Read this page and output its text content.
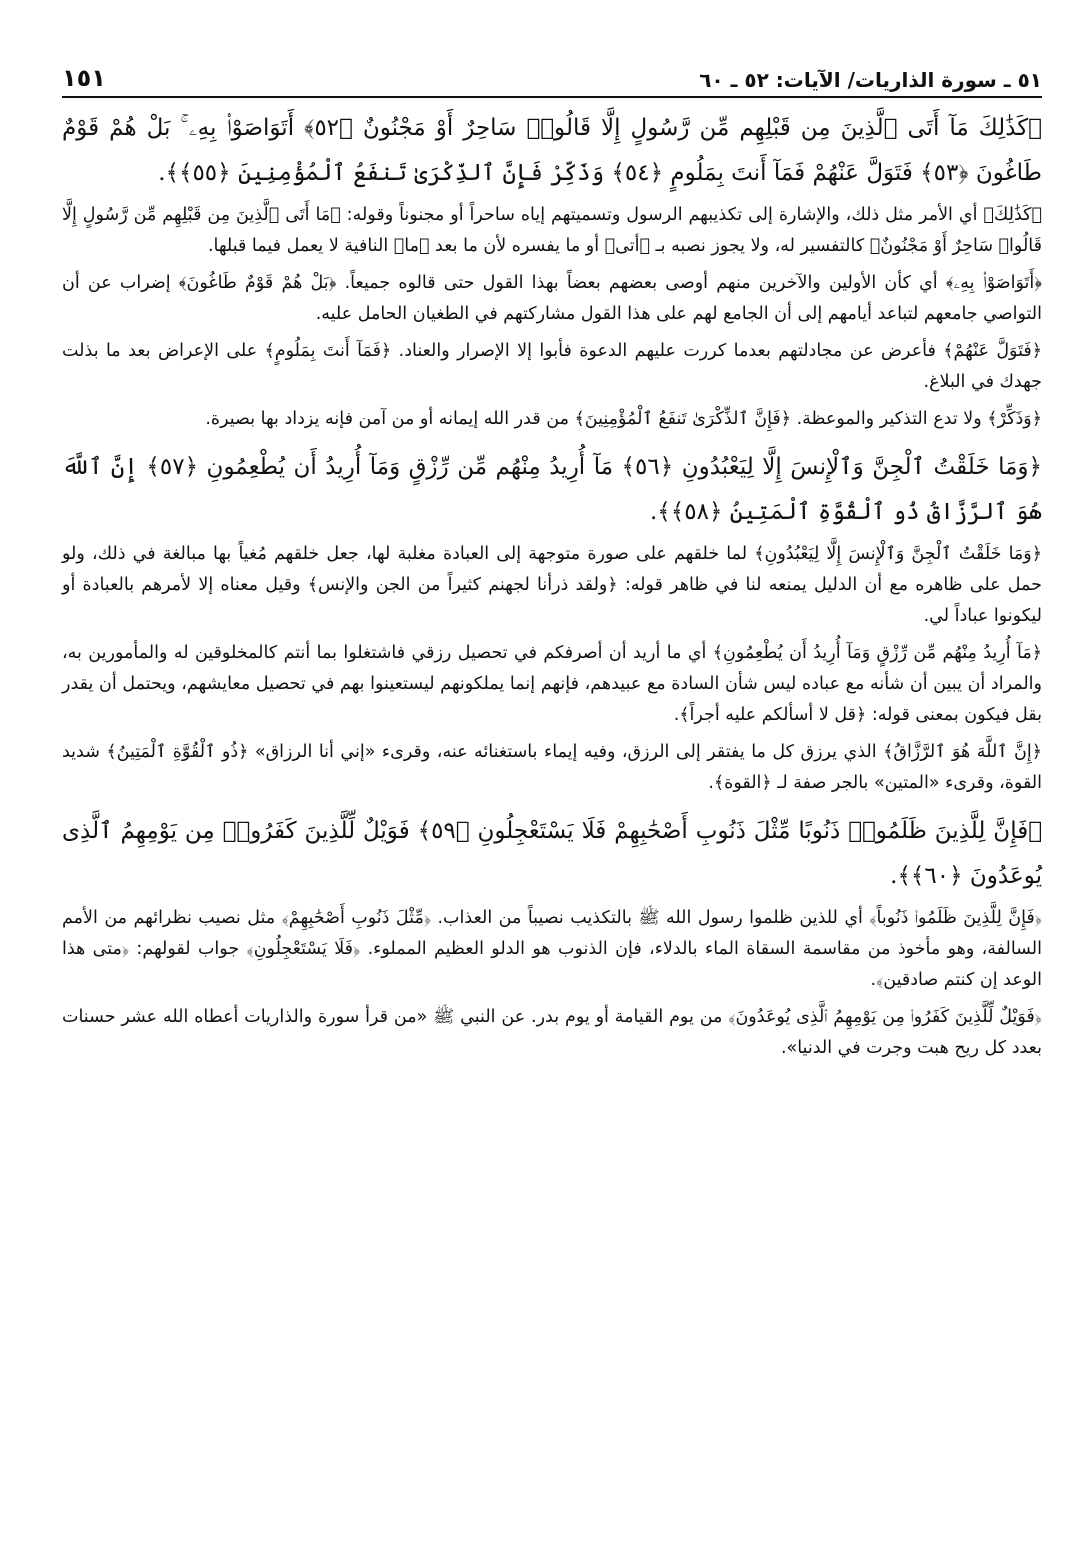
٥١ ـ سورة الذاريات/ الآيات: ٥٢ ـ ٦٠
١٥١
﴿كَذَٰلِكَ مَآ أَتَى ٱلَّذِينَ مِن قَبْلِهِم مِّن رَّسُولٍ إِلَّا قَالُوا۟ سَاحِرٌ أَوْ مَجْنُونٌ ﴿٥٢﴾ أَتَوَاصَوْا۟ بِهِۦ ۚ بَلْ هُمْ قَوْمٌ طَاغُونَ ﴿٥٣﴾ فَتَوَلَّ عَنْهُمْ فَمَآ أَنتَ بِمَلُومٍ ﴿٥٤﴾ وَذَكِّرْ فَإِنَّ ٱلذِّكْرَىٰ تَنفَعُ ٱلْمُؤْمِنِينَ ﴿٥٥﴾﴾.

﴿كَذَٰلِكَ﴾ أي الأمر مثل ذلك، والإشارة إلى تكذيبهم الرسول وتسميتهم إياه ساحراً أو مجنوناً وقوله: ﴿مَا أَتَى ٱلَّذِينَ مِن قَبْلِهِم مِّن رَّسُولٍ إِلَّا قَالُوا۟ سَاحِرٌ أَوْ مَجْنُونٌ﴾ كالتفسير له، ولا يجوز نصبه بـ ﴿أتى﴾ أو ما يفسره لأن ما بعد ﴿ما﴾ النافية لا يعمل فيما قبلها.

﴿أَتَوَاصَوْا۟ بِهِۦ﴾ أي كأن الأولين والآخرين منهم أوصى بعضهم بعضاً بهذا القول حتى قالوه جميعاً. ﴿بَلْ هُمْ قَوْمٌ طَاغُونَ﴾ إضراب عن أن التواصي جامعهم لتباعد أيامهم إلى أن الجامع لهم على هذا القول مشاركتهم في الطغيان الحامل عليه.

﴿فَتَوَلَّ عَنْهُمْ﴾ فأعرض عن مجادلتهم بعدما كررت عليهم الدعوة فأبوا إلا الإصرار والعناد. ﴿فَمَآ أَنتَ بِمَلُومٍ﴾ على الإعراض بعد ما بذلت جهدك في البلاغ.

﴿وَذَكِّرْ﴾ ولا تدع التذكير والموعظة. ﴿فَإِنَّ ٱلذِّكْرَىٰ تَنفَعُ ٱلْمُؤْمِنِينَ﴾ من قدر الله إيمانه أو من آمن فإنه يزداد بها بصيرة.

﴿وَمَا خَلَقْتُ ٱلْجِنَّ وَٱلْإِنسَ إِلَّا لِيَعْبُدُونِ ﴿٥٦﴾ مَآ أُرِيدُ مِنْهُم مِّن رِّزْقٍ وَمَآ أُرِيدُ أَن يُطْعِمُونِ ﴿٥٧﴾ إِنَّ ٱللَّهَ هُوَ ٱلرَّزَّاقُ ذُو ٱلْقُوَّةِ ٱلْمَتِينُ ﴿٥٨﴾﴾.

﴿وَمَا خَلَقْتُ ٱلْجِنَّ وَٱلْإِنسَ إِلَّا لِيَعْبُدُونِ﴾ لما خلقهم على صورة متوجهة إلى العبادة مغلبة لها، جعل خلقهم مُغياً بها مبالغة في ذلك، ولو حمل على ظاهره مع أن الدليل يمنعه لنا في ظاهر قوله: ﴿ولقد ذرأنا لجهنم كثيراً من الجن والإنس﴾ وقيل معناه إلا لأمرهم بالعبادة أو ليكونوا عباداً لي.

﴿مَآ أُرِيدُ مِنْهُم مِّن رِّزْقٍ وَمَآ أُرِيدُ أَن يُطْعِمُونِ﴾ أي ما أريد أن أصرفكم في تحصيل رزقي فاشتغلوا بما أنتم كالمخلوقين له والمأمورين به، والمراد أن يبين أن شأنه مع عباده ليس شأن السادة مع عبيدهم، فإنهم إنما يملكونهم ليستعينوا بهم في تحصيل معايشهم، ويحتمل أن يقدر بقل فيكون بمعنى قوله: ﴿قل لا أسألكم عليه أجراً﴾.

﴿إِنَّ ٱللَّهَ هُوَ ٱلرَّزَّاقُ﴾ الذي يرزق كل ما يفتقر إلى الرزق، وفيه إيماء باستغنائه عنه، وقرىء «إني أنا الرزاق» ﴿ذُو ٱلْقُوَّةِ ٱلْمَتِينُ﴾ شديد القوة، وقرىء «المتين» بالجر صفة لـ ﴿القوة﴾.

﴿فَإِنَّ لِلَّذِينَ ظَلَمُوا۟ ذَنُوبًا مِّثْلَ ذَنُوبِ أَصْحَٰبِهِمْ فَلَا يَسْتَعْجِلُونِ ﴿٥٩﴾ فَوَيْلٌ لِّلَّذِينَ كَفَرُوا۟ مِن يَوْمِهِمُ ٱلَّذِى يُوعَدُونَ ﴿٦٠﴾﴾.

﴿فَإِنَّ لِلَّذِينَ ظَلَمُوا۟ ذَنُوباً﴾ أي للذين ظلموا رسول الله ﷺ بالتكذيب نصيباً من العذاب. ﴿مِّثْلَ ذَنُوبِ أَصْحَٰبِهِمْ﴾ مثل نصيب نظرائهم من الأمم السالفة، وهو مأخوذ من مقاسمة السقاة الماء بالدلاء، فإن الذنوب هو الدلو العظيم المملوء. ﴿فَلَا يَسْتَعْجِلُونِ﴾ جواب لقولهم: ﴿متى هذا الوعد إن كنتم صادقين﴾.

﴿فَوَيْلٌ لِّلَّذِينَ كَفَرُوا۟ مِن يَوْمِهِمُ ٱلَّذِى يُوعَدُونَ﴾ من يوم القيامة أو يوم بدر. عن النبي ﷺ «من قرأ سورة والذاريات أعطاه الله عشر حسنات بعدد كل ريح هبت وجرت في الدنيا».
